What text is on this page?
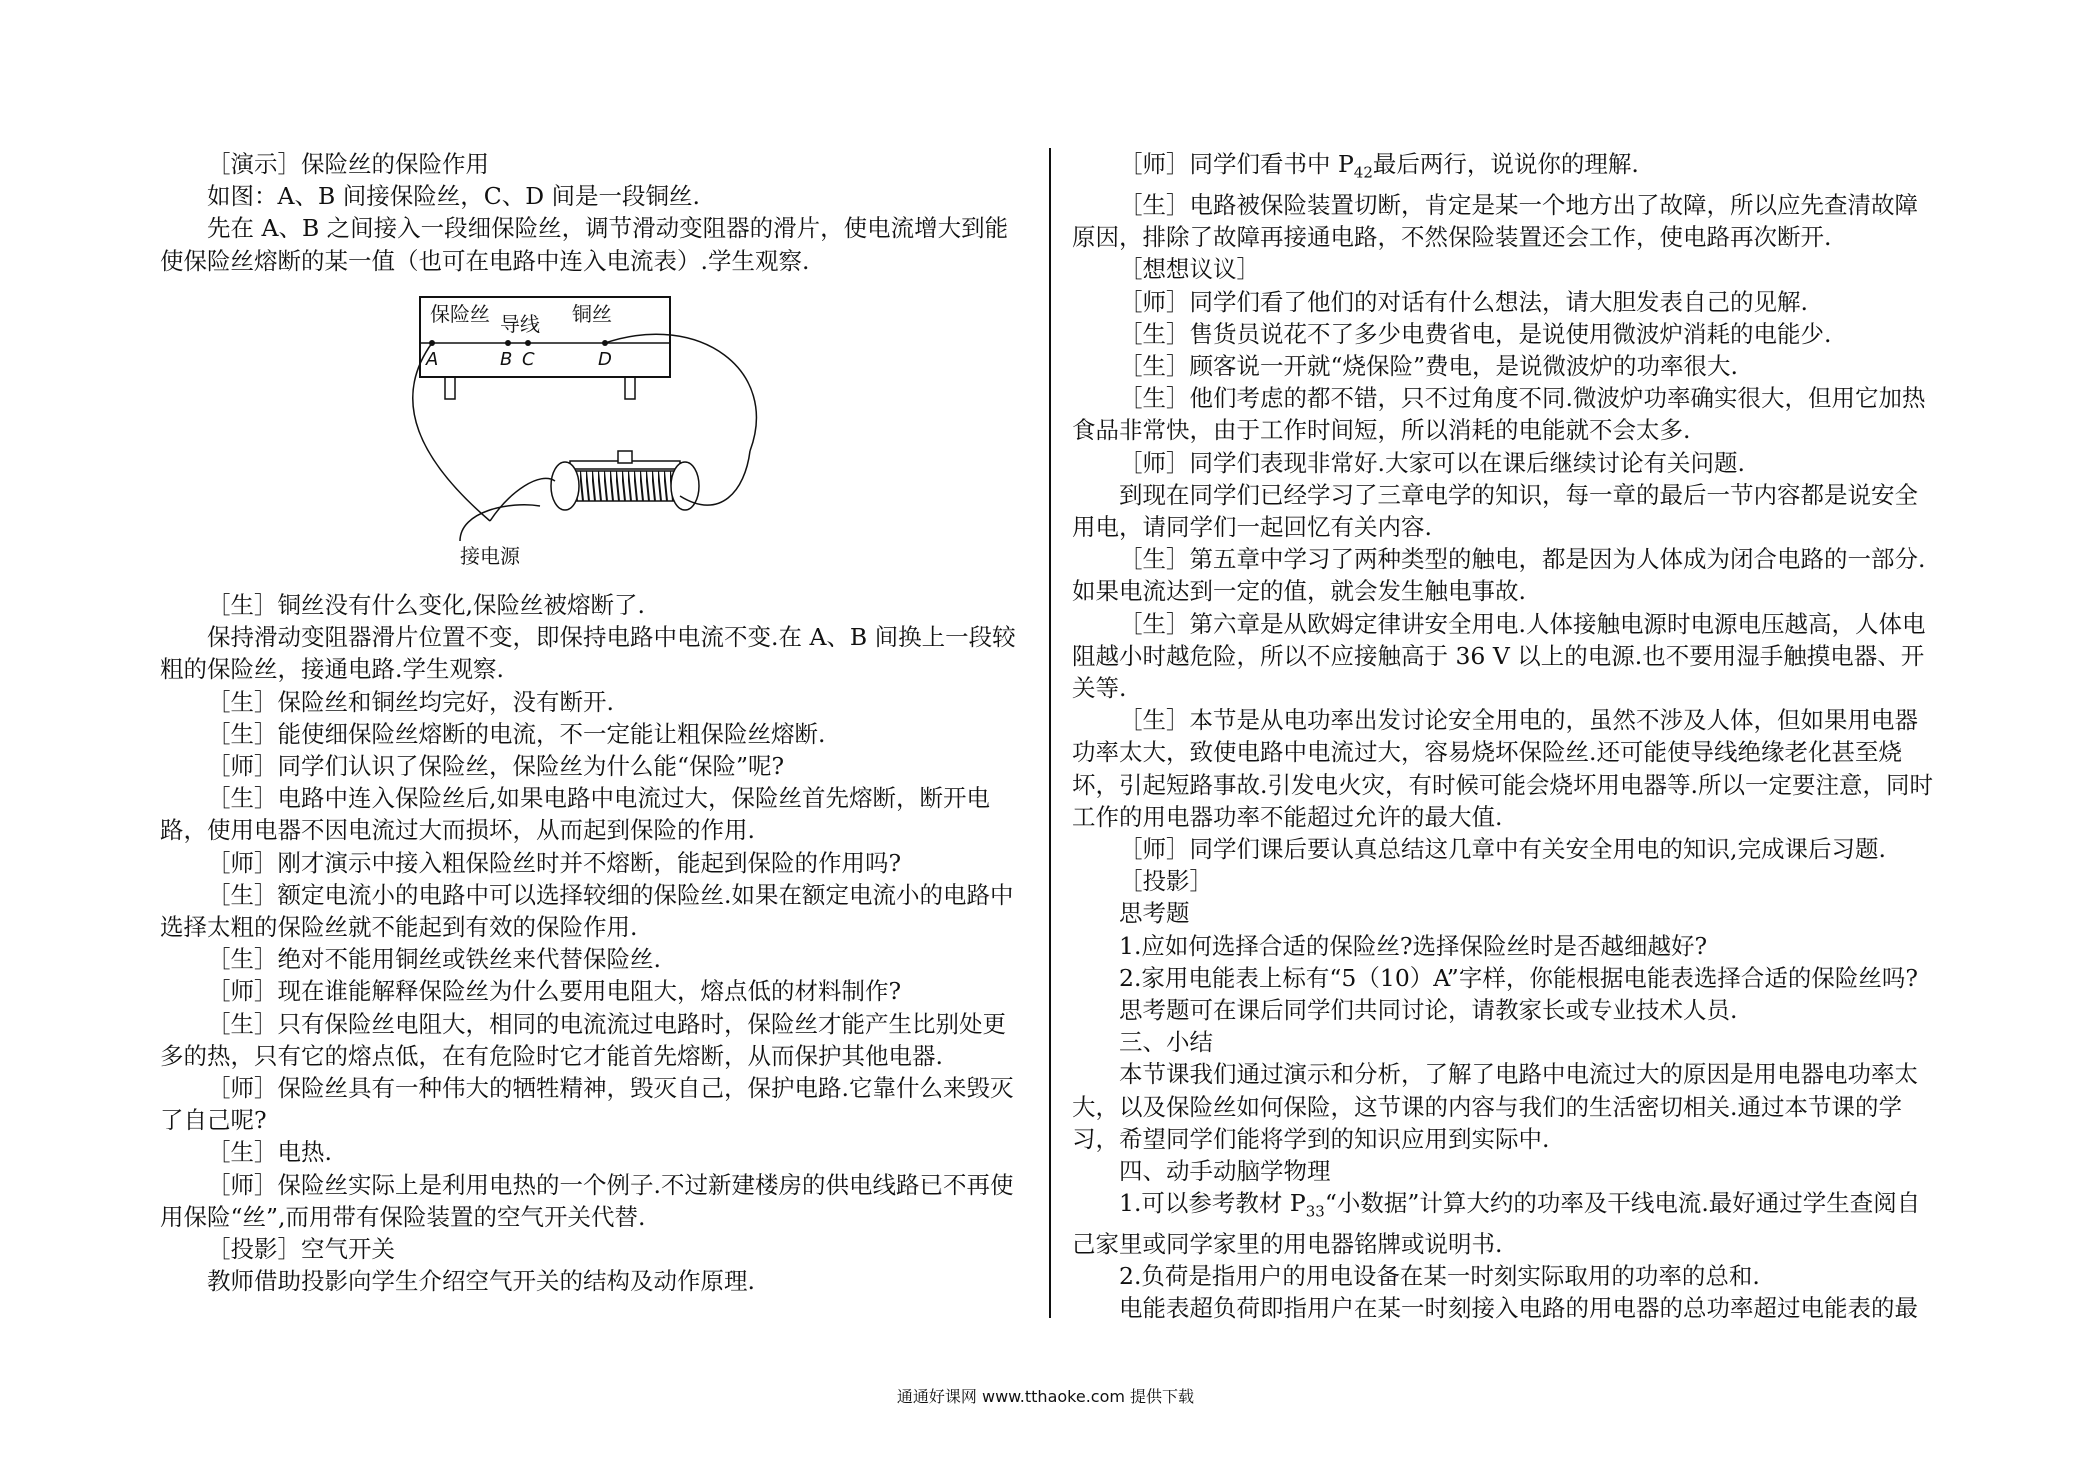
［演示］保险丝的保险作用

如图：A、B 间接保险丝，C、D 间是一段铜丝.

先在 A、B 之间接入一段细保险丝，调节滑动变阻器的滑片，使电流增大到能使保险丝熔断的某一值（也可在电路中连入电流表）.学生观察.

保险丝 导线 铜丝
A	B C	D
接电源

［生］铜丝没有什么变化,保险丝被熔断了.

保持滑动变阻器滑片位置不变，即保持电路中电流不变.在 A、B 间换上一段较粗的保险丝，接通电路.学生观察.

［生］保险丝和铜丝均完好，没有断开.

［生］能使细保险丝熔断的电流，不一定能让粗保险丝熔断.

［师］同学们认识了保险丝，保险丝为什么能“保险”呢?

［生］电路中连入保险丝后,如果电路中电流过大，保险丝首先熔断，断开电路，使用电器不因电流过大而损坏，从而起到保险的作用.

［师］刚才演示中接入粗保险丝时并不熔断，能起到保险的作用吗?

［生］额定电流小的电路中可以选择较细的保险丝.如果在额定电流小的电路中选择太粗的保险丝就不能起到有效的保险作用.

［生］绝对不能用铜丝或铁丝来代替保险丝.

［师］现在谁能解释保险丝为什么要用电阻大，熔点低的材料制作?

［生］只有保险丝电阻大，相同的电流流过电路时，保险丝才能产生比别处更多的热，只有它的熔点低，在有危险时它才能首先熔断，从而保护其他电器.

［师］保险丝具有一种伟大的牺牲精神，毁灭自己，保护电路.它靠什么来毁灭了自己呢?

［生］电热.

［师］保险丝实际上是利用电热的一个例子.不过新建楼房的供电线路已不再使用保险“丝”,而用带有保险装置的空气开关代替.

［投影］空气开关

教师借助投影向学生介绍空气开关的结构及动作原理.

［师］同学们看书中 $P_{42}$最后两行，说说你的理解.

［生］电路被保险装置切断，肯定是某一个地方出了故障，所以应先查清故障原因，排除了故障再接通电路，不然保险装置还会工作，使电路再次断开.

［想想议议］

［师］同学们看了他们的对话有什么想法，请大胆发表自己的见解.

［生］售货员说花不了多少电费省电，是说使用微波炉消耗的电能少.

［生］顾客说一开就“烧保险”费电，是说微波炉的功率很大.

［生］他们考虑的都不错，只不过角度不同.微波炉功率确实很大，但用它加热食品非常快，由于工作时间短，所以消耗的电能就不会太多.

［师］同学们表现非常好.大家可以在课后继续讨论有关问题.

到现在同学们已经学习了三章电学的知识，每一章的最后一节内容都是说安全用电，请同学们一起回忆有关内容.

［生］第五章中学习了两种类型的触电，都是因为人体成为闭合电路的一部分.如果电流达到一定的值，就会发生触电事故.

［生］第六章是从欧姆定律讲安全用电.人体接触电源时电源电压越高，人体电阻越小时越危险，所以不应接触高于 36 V 以上的电源.也不要用湿手触摸电器、开关等.

［生］本节是从电功率出发讨论安全用电的，虽然不涉及人体，但如果用电器功率太大，致使电路中电流过大，容易烧坏保险丝.还可能使导线绝缘老化甚至烧坏，引起短路事故.引发电火灾，有时候可能会烧坏用电器等.所以一定要注意，同时工作的用电器功率不能超过允许的最大值.

［师］同学们课后要认真总结这几章中有关安全用电的知识,完成课后习题.

［投影］

思考题

1.应如何选择合适的保险丝?选择保险丝时是否越细越好?

2.家用电能表上标有“5（10）A”字样，你能根据电能表选择合适的保险丝吗?

思考题可在课后同学们共同讨论，请教家长或专业技术人员.

三、小结

本节课我们通过演示和分析，了解了电路中电流过大的原因是用电器电功率太大，以及保险丝如何保险，这节课的内容与我们的生活密切相关.通过本节课的学习，希望同学们能将学到的知识应用到实际中.

四、动手动脑学物理

1.可以参考教材 $P_{33}“$小数据”计算大约的功率及干线电流.最好通过学生查阅自己家里或同学家里的用电器铭牌或说明书.

2.负荷是指用户的用电设备在某一时刻实际取用的功率的总和.

电能表超负荷即指用户在某一时刻接入电路的用电器的总功率超过电能表的最

通通好课网 www.tthaoke.com 提供下载
